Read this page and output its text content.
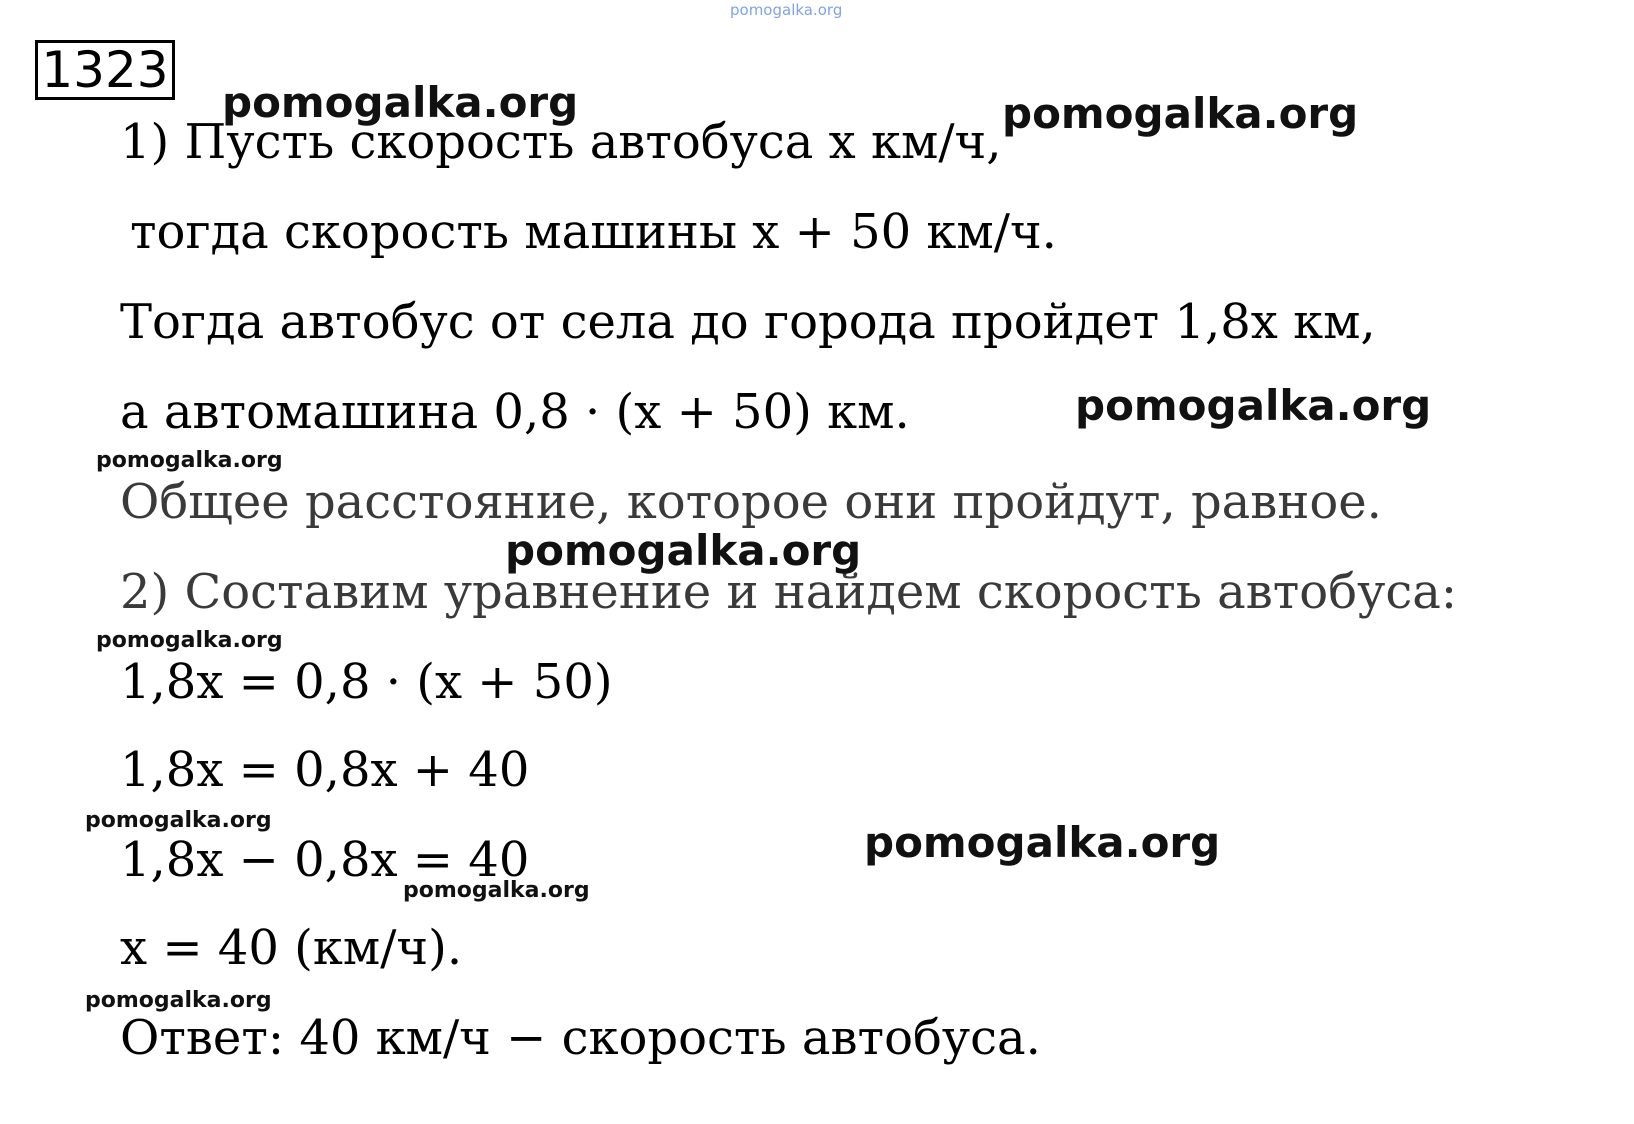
1323
1) Пусть скорость автобуса x км/ч,
тогда скорость машины x + 50 км/ч.
Тогда автобус от села до города пройдет 1,8x км,
а автомашина 0,8 · (x + 50) км.
Общее расстояние, которое они пройдут, равное.
2) Составим уравнение и найдем скорость автобуса:
1,8x = 0,8 · (x + 50)
1,8x = 0,8x + 40
1,8x − 0,8x = 40
x = 40 (км/ч).
Ответ: 40 км/ч − скорость автобуса.
pomogalka.org
pomogalka.org	pomogalka.org
pomogalka.org
pomogalka.org
pomogalka.org
pomogalka.org
pomogalka.org	pomogalka.org
pomogalka.org
pomogalka.org
